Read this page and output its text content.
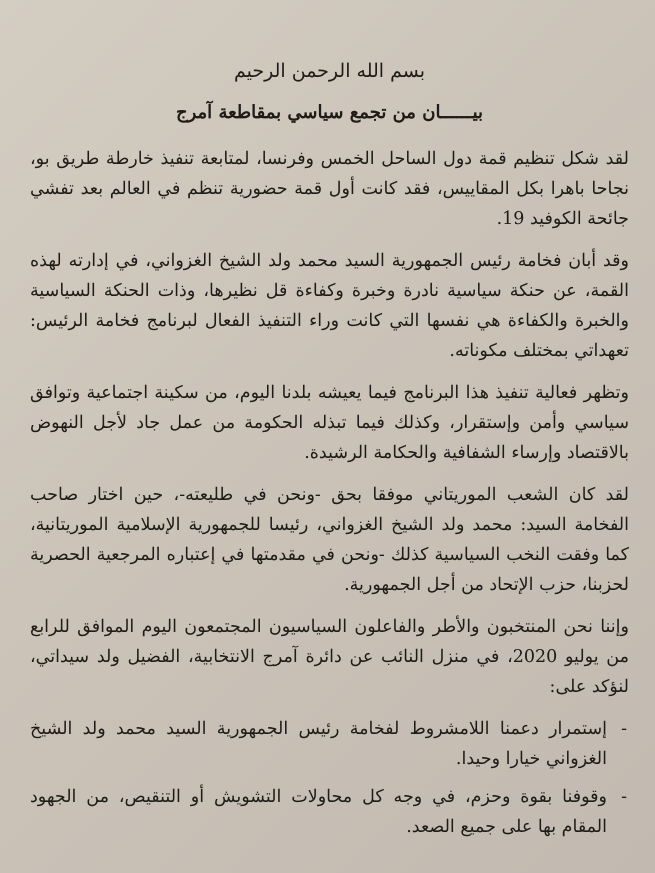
بسم الله الرحمن الرحيم
بيــــــان من تجمع سياسي بمقاطعة آمرج

لقد شكل تنظيم قمة دول الساحل الخمس وفرنسا، لمتابعة تنفيذ خارطة طريق بو، نجاحا باهرا بكل المقاييس، فقد كانت أول قمة حضورية تنظم في العالم بعد تفشي جائحة الكوفيد 19.

وقد أبان فخامة رئيس الجمهورية السيد محمد ولد الشيخ الغزواني، في إدارته لهذه القمة، عن حنكة سياسية نادرة وخبرة وكفاءة قل نظيرها، وذات الحنكة السياسية والخبرة والكفاءة هي نفسها التي كانت وراء التنفيذ الفعال لبرنامج فخامة الرئيس: تعهداتي بمختلف مكوناته.

وتظهر فعالية تنفيذ هذا البرنامج فيما يعيشه بلدنا اليوم، من سكينة اجتماعية وتوافق سياسي وأمن وإستقرار، وكذلك فيما تبذله الحكومة من عمل جاد لأجل النهوض بالاقتصاد وإرساء الشفافية والحكامة الرشيدة.

لقد كان الشعب الموريتاني موفقا بحق -ونحن في طليعته-، حين اختار صاحب الفخامة السيد: محمد ولد الشيخ الغزواني، رئيسا للجمهورية الإسلامية الموريتانية، كما وفقت النخب السياسية كذلك -ونحن في مقدمتها في إعتباره المرجعية الحصرية لحزبنا، حزب الإتحاد من أجل الجمهورية.

وإننا نحن المنتخبون والأطر والفاعلون السياسيون المجتمعون اليوم الموافق للرابع من يوليو 2020، في منزل النائب عن دائرة آمرج الانتخابية، الفضيل ولد سيداتي، لنؤكد على:

-
إستمرار دعمنا اللامشروط لفخامة رئيس الجمهورية السيد محمد ولد الشيخ الغزواني خيارا وحيدا.
-
وقوفنا بقوة وحزم، في وجه كل محاولات التشويش أو التنقيص، من الجهود المقام بها على جميع الصعد.
